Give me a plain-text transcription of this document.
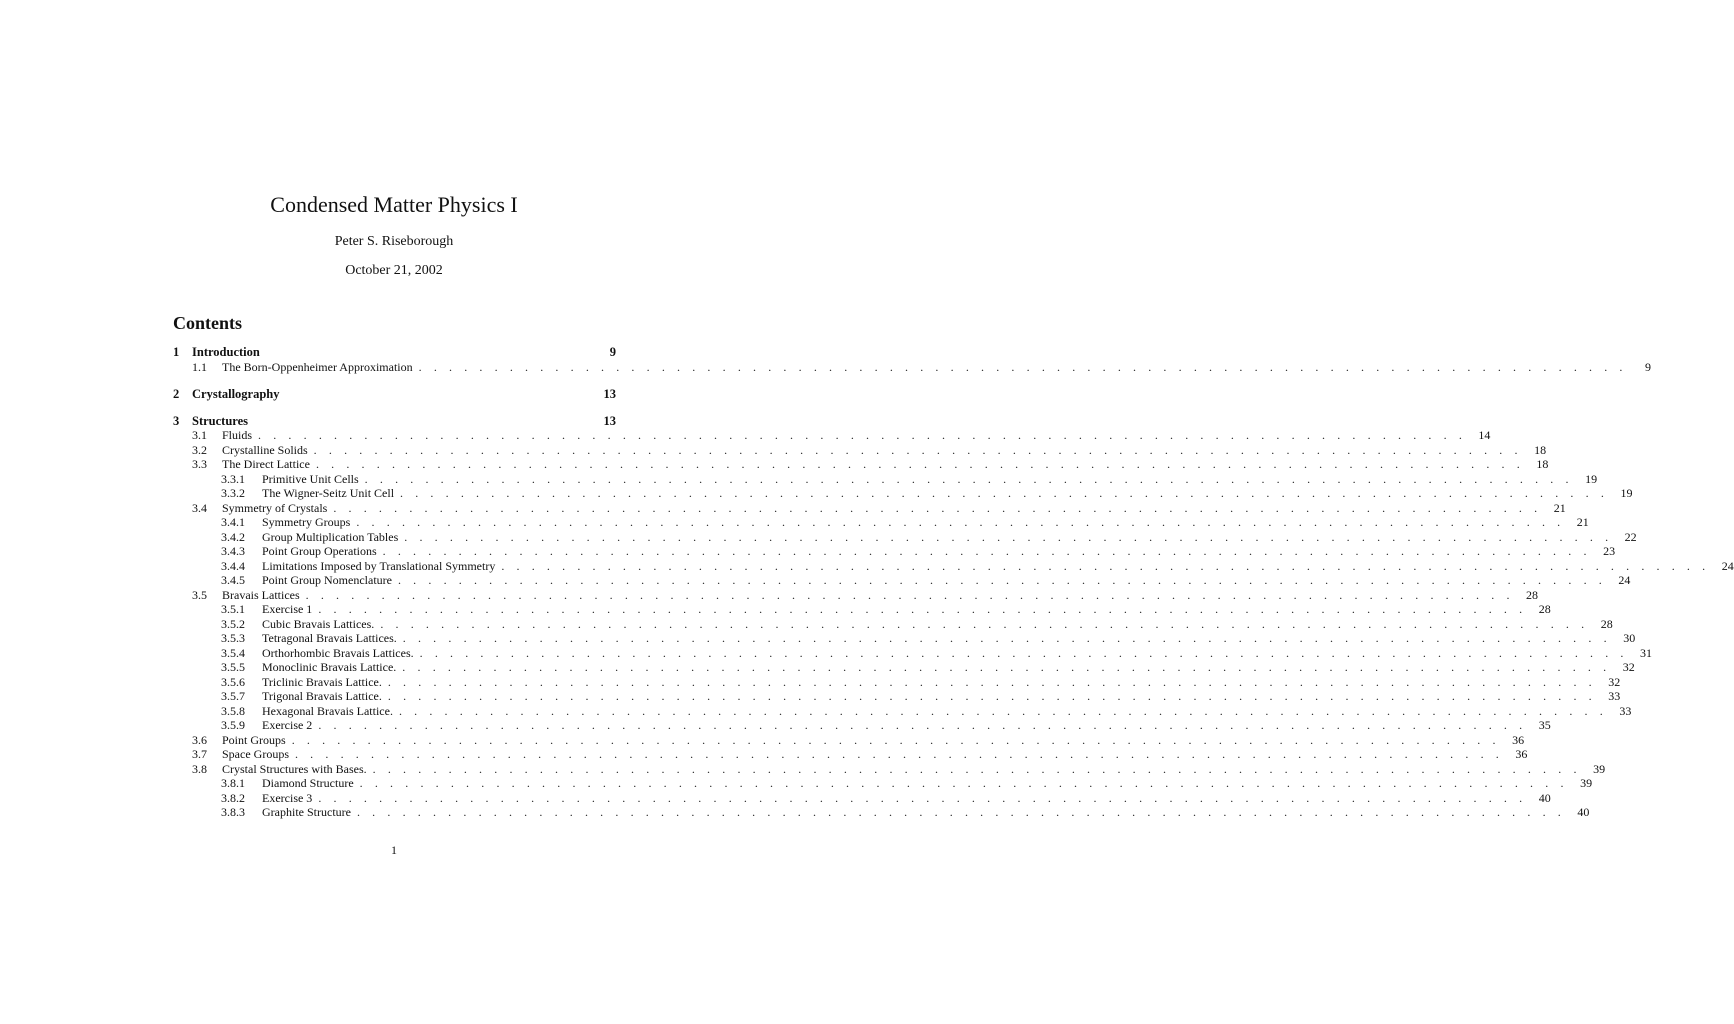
Condensed Matter Physics I
Peter S. Riseborough
October 21, 2002
Contents
1	Introduction	9
1.1	The Born-Oppenheimer Approximation . . . . . . . . . . . . . . . . . . . . . . . . . . . . . . . . . . . . . . . . . . . . . . . . . . . . . . . . . . . . . . . . . . . . . . . . . . . . . . . .	9
2	Crystallography	13
3	Structures	13
3.1	Fluids . . . . . . . . . . . . . . . . . . . . . . . . . . . . . . . . . . . . . . . . . . . . . . . . . . . . . . . . . . . . . . . . . . . . . . . . . . . . . . . .	14
3.2	Crystalline Solids . . . . . . . . . . . . . . . . . . . . . . . . . . . . . . . . . . . . . . . . . . . . . . . . . . . . . . . . . . . . . . . . . . . . . . . . . . . . . . . .	18
3.3	The Direct Lattice . . . . . . . . . . . . . . . . . . . . . . . . . . . . . . . . . . . . . . . . . . . . . . . . . . . . . . . . . . . . . . . . . . . . . . . . . . . . . . . .	18
3.3.1	Primitive Unit Cells . . . . . . . . . . . . . . . . . . . . . . . . . . . . . . . . . . . . . . . . . . . . . . . . . . . . . . . . . . . . . . . . . . . . . . . . . . . . . . . .	19
3.3.2	The Wigner-Seitz Unit Cell . . . . . . . . . . . . . . . . . . . . . . . . . . . . . . . . . . . . . . . . . . . . . . . . . . . . . . . . . . . . . . . . . . . . . . . . . . . . . . . .	19
3.4	Symmetry of Crystals . . . . . . . . . . . . . . . . . . . . . . . . . . . . . . . . . . . . . . . . . . . . . . . . . . . . . . . . . . . . . . . . . . . . . . . . . . . . . . . .	21
3.4.1	Symmetry Groups . . . . . . . . . . . . . . . . . . . . . . . . . . . . . . . . . . . . . . . . . . . . . . . . . . . . . . . . . . . . . . . . . . . . . . . . . . . . . . . .	21
3.4.2	Group Multiplication Tables . . . . . . . . . . . . . . . . . . . . . . . . . . . . . . . . . . . . . . . . . . . . . . . . . . . . . . . . . . . . . . . . . . . . . . . . . . . . . . . .	22
3.4.3	Point Group Operations . . . . . . . . . . . . . . . . . . . . . . . . . . . . . . . . . . . . . . . . . . . . . . . . . . . . . . . . . . . . . . . . . . . . . . . . . . . . . . . .	23
3.4.4	Limitations Imposed by Translational Symmetry . . . . . . . . . . . . . . . . . . . . . . . . . . . . . . . . . . . . . . . . . . . . . . . . . . . . . . . . . . . . . . . . . . . . . . . . . . . . . . . .	24
3.4.5	Point Group Nomenclature . . . . . . . . . . . . . . . . . . . . . . . . . . . . . . . . . . . . . . . . . . . . . . . . . . . . . . . . . . . . . . . . . . . . . . . . . . . . . . . .	24
3.5	Bravais Lattices . . . . . . . . . . . . . . . . . . . . . . . . . . . . . . . . . . . . . . . . . . . . . . . . . . . . . . . . . . . . . . . . . . . . . . . . . . . . . . . .	28
3.5.1	Exercise 1 . . . . . . . . . . . . . . . . . . . . . . . . . . . . . . . . . . . . . . . . . . . . . . . . . . . . . . . . . . . . . . . . . . . . . . . . . . . . . . . .	28
3.5.2	Cubic Bravais Lattices. . . . . . . . . . . . . . . . . . . . . . . . . . . . . . . . . . . . . . . . . . . . . . . . . . . . . . . . . . . . . . . . . . . . . . . . . . . . . . . . .	28
3.5.3	Tetragonal Bravais Lattices. . . . . . . . . . . . . . . . . . . . . . . . . . . . . . . . . . . . . . . . . . . . . . . . . . . . . . . . . . . . . . . . . . . . . . . . . . . . . . . . .	30
3.5.4	Orthorhombic Bravais Lattices. . . . . . . . . . . . . . . . . . . . . . . . . . . . . . . . . . . . . . . . . . . . . . . . . . . . . . . . . . . . . . . . . . . . . . . . . . . . . . . . .	31
3.5.5	Monoclinic Bravais Lattice. . . . . . . . . . . . . . . . . . . . . . . . . . . . . . . . . . . . . . . . . . . . . . . . . . . . . . . . . . . . . . . . . . . . . . . . . . . . . . . . .	32
3.5.6	Triclinic Bravais Lattice. . . . . . . . . . . . . . . . . . . . . . . . . . . . . . . . . . . . . . . . . . . . . . . . . . . . . . . . . . . . . . . . . . . . . . . . . . . . . . . . .	32
3.5.7	Trigonal Bravais Lattice. . . . . . . . . . . . . . . . . . . . . . . . . . . . . . . . . . . . . . . . . . . . . . . . . . . . . . . . . . . . . . . . . . . . . . . . . . . . . . . . .	33
3.5.8	Hexagonal Bravais Lattice. . . . . . . . . . . . . . . . . . . . . . . . . . . . . . . . . . . . . . . . . . . . . . . . . . . . . . . . . . . . . . . . . . . . . . . . . . . . . . . . .	33
3.5.9	Exercise 2 . . . . . . . . . . . . . . . . . . . . . . . . . . . . . . . . . . . . . . . . . . . . . . . . . . . . . . . . . . . . . . . . . . . . . . . . . . . . . . . .	35
3.6	Point Groups . . . . . . . . . . . . . . . . . . . . . . . . . . . . . . . . . . . . . . . . . . . . . . . . . . . . . . . . . . . . . . . . . . . . . . . . . . . . . . . .	36
3.7	Space Groups . . . . . . . . . . . . . . . . . . . . . . . . . . . . . . . . . . . . . . . . . . . . . . . . . . . . . . . . . . . . . . . . . . . . . . . . . . . . . . . .	36
3.8	Crystal Structures with Bases. . . . . . . . . . . . . . . . . . . . . . . . . . . . . . . . . . . . . . . . . . . . . . . . . . . . . . . . . . . . . . . . . . . . . . . . . . . . . . . . .	39
3.8.1	Diamond Structure . . . . . . . . . . . . . . . . . . . . . . . . . . . . . . . . . . . . . . . . . . . . . . . . . . . . . . . . . . . . . . . . . . . . . . . . . . . . . . . .	39
3.8.2	Exercise 3 . . . . . . . . . . . . . . . . . . . . . . . . . . . . . . . . . . . . . . . . . . . . . . . . . . . . . . . . . . . . . . . . . . . . . . . . . . . . . . . .	40
3.8.3	Graphite Structure . . . . . . . . . . . . . . . . . . . . . . . . . . . . . . . . . . . . . . . . . . . . . . . . . . . . . . . . . . . . . . . . . . . . . . . . . . . . . . . .	40
1
